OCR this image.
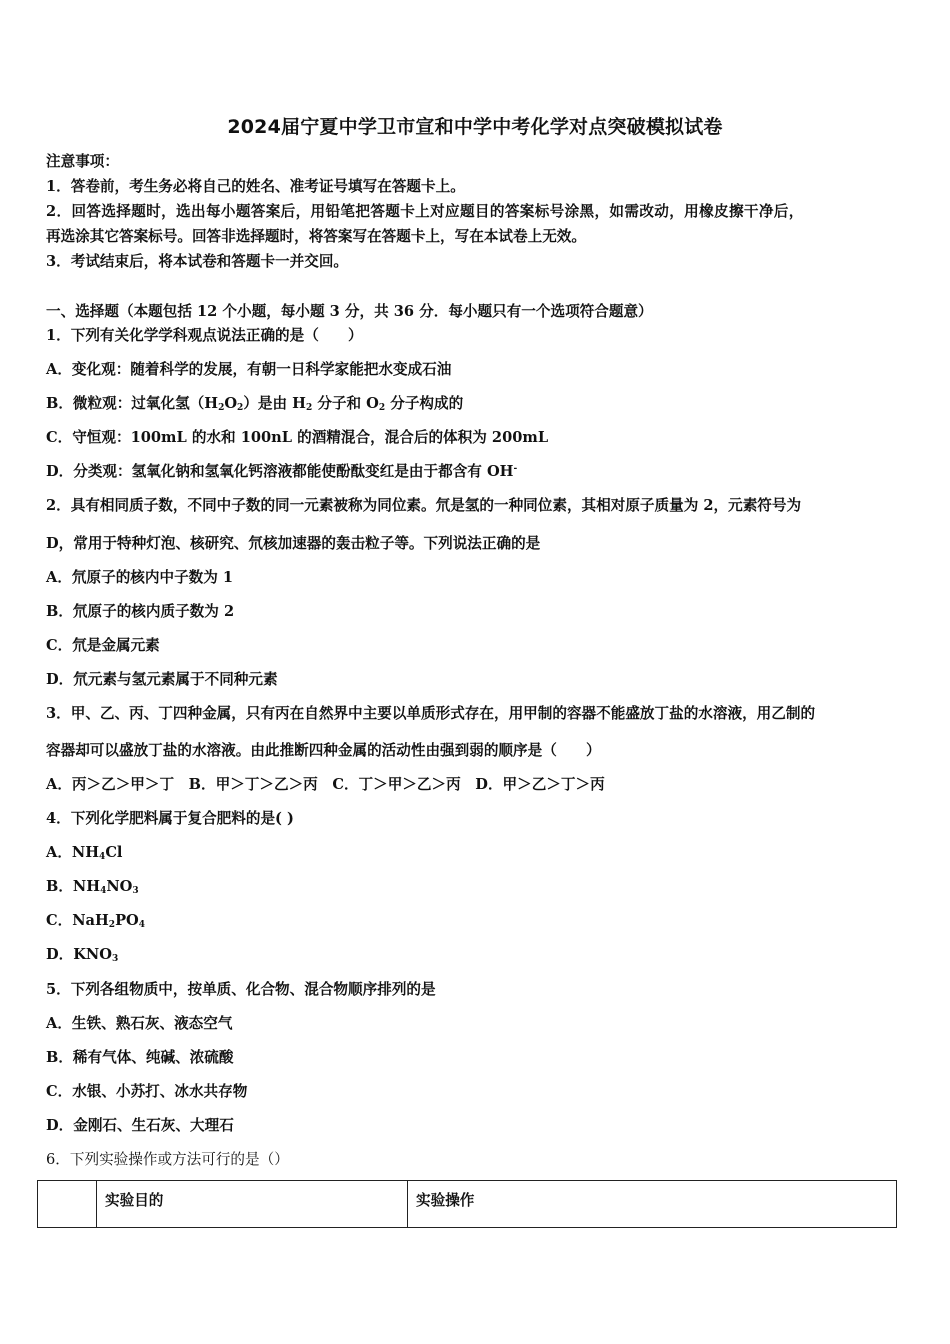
2024届宁夏中学卫市宣和中学中考化学对点突破模拟试卷
注意事项：
1．答卷前，考生务必将自己的姓名、准考证号填写在答题卡上。
2．回答选择题时，选出每小题答案后，用铅笔把答题卡上对应题目的答案标号涂黑，如需改动，用橡皮擦干净后，
再选涂其它答案标号。回答非选择题时，将答案写在答题卡上，写在本试卷上无效。
3．考试结束后，将本试卷和答题卡一并交回。
一、选择题（本题包括 12 个小题，每小题 3 分，共 36 分．每小题只有一个选项符合题意）
1．下列有关化学学科观点说法正确的是（　　）
A．变化观：随着科学的发展，有朝一日科学家能把水变成石油
B．微粒观：过氧化氢$(H_2O_2)$是由 $H_2$ 分子和 $O_2$ 分子构成的
C．守恒观：100mL 的水和 100nL 的酒精混合，混合后的体积为 200mL
D．分类观：氢氧化钠和氢氧化钙溶液都能使酚酞变红是由于都含有 OH-
2．具有相同质子数，不同中子数的同一元素被称为同位素。氘是氢的一种同位素，其相对原子质量为 2，元素符号为
D，常用于特种灯泡、核研究、氘核加速器的轰击粒子等。下列说法正确的是
A．氘原子的核内中子数为 1
B．氘原子的核内质子数为 2
C．氘是金属元素
D．氘元素与氢元素属于不同种元素
3．甲、乙、丙、丁四种金属，只有丙在自然界中主要以单质形式存在，用甲制的容器不能盛放丁盐的水溶液，用乙制的
容器却可以盛放丁盐的水溶液。由此推断四种金属的活动性由强到弱的顺序是（　　）
A．丙＞乙＞甲＞丁　B．甲＞丁＞乙＞丙　C．丁＞甲＞乙＞丙　D．甲＞乙＞丁＞丙
4．下列化学肥料属于复合肥料的是( )
A．$NH_4Cl$
B．$NH_4NO_3$
C．$NaH_2PO_4$
D．$KNO_3$
5．下列各组物质中，按单质、化合物、混合物顺序排列的是
A．生铁、熟石灰、液态空气
B．稀有气体、纯碱、浓硫酸
C．水银、小苏打、冰水共存物
D．金刚石、生石灰、大理石
6．下列实验操作或方法可行的是（）
	实验目的	实验操作
